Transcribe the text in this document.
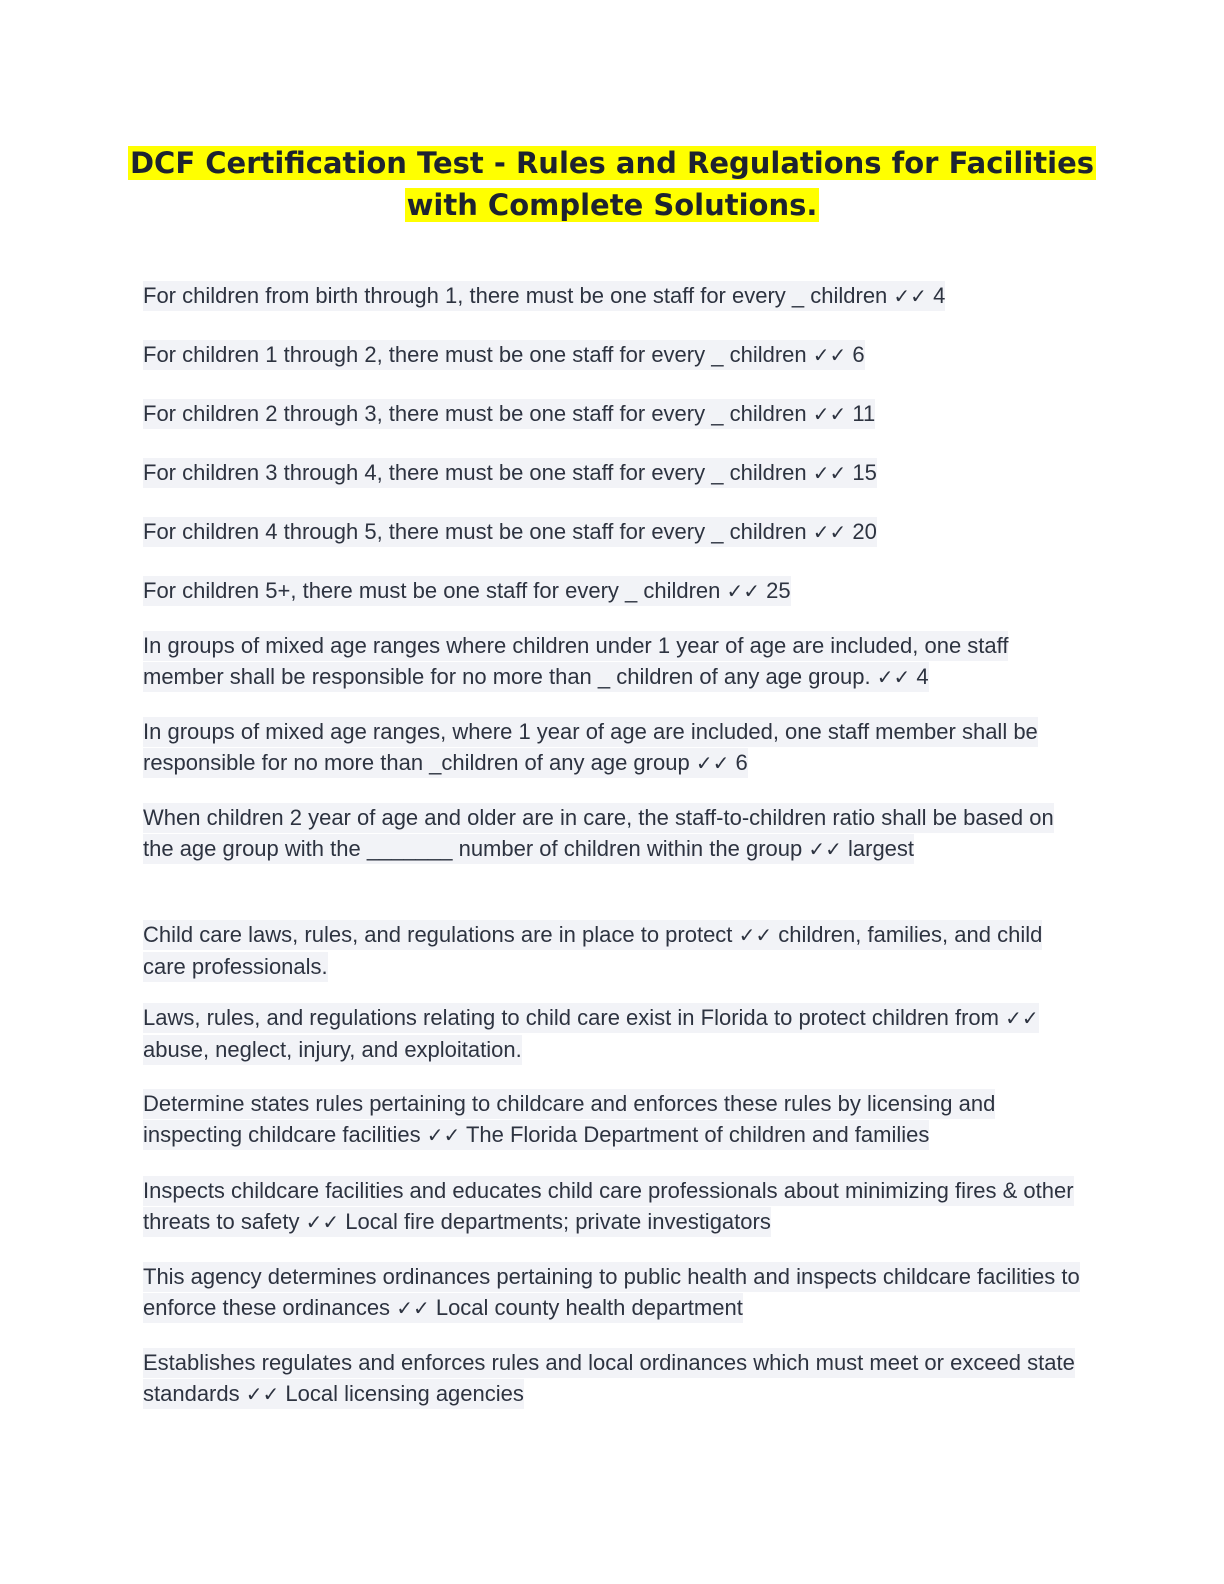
DCF Certification Test - Rules and Regulations for Facilities
with Complete Solutions.
For children from birth through 1, there must be one staff for every _ children ✓✓ 4
For children 1 through 2, there must be one staff for every _ children ✓✓ 6
For children 2 through 3, there must be one staff for every _ children ✓✓ 11
For children 3 through 4, there must be one staff for every _ children ✓✓ 15
For children 4 through 5, there must be one staff for every _ children ✓✓ 20
For children 5+, there must be one staff for every _ children ✓✓ 25
In groups of mixed age ranges where children under 1 year of age are included, one staff member shall be responsible for no more than _ children of any age group. ✓✓ 4
In groups of mixed age ranges, where 1 year of age are included, one staff member shall be responsible for no more than _children of any age group ✓✓ 6
When children 2 year of age and older are in care, the staff-to-children ratio shall be based on the age group with the _______ number of children within the group ✓✓ largest
Child care laws, rules, and regulations are in place to protect ✓✓ children, families, and child care professionals.
Laws, rules, and regulations relating to child care exist in Florida to protect children from ✓✓ abuse, neglect, injury, and exploitation.
Determine states rules pertaining to childcare and enforces these rules by licensing and inspecting childcare facilities ✓✓ The Florida Department of children and families
Inspects childcare facilities and educates child care professionals about minimizing fires & other threats to safety ✓✓ Local fire departments; private investigators
This agency determines ordinances pertaining to public health and inspects childcare facilities to enforce these ordinances ✓✓ Local county health department
Establishes regulates and enforces rules and local ordinances which must meet or exceed state standards ✓✓ Local licensing agencies
